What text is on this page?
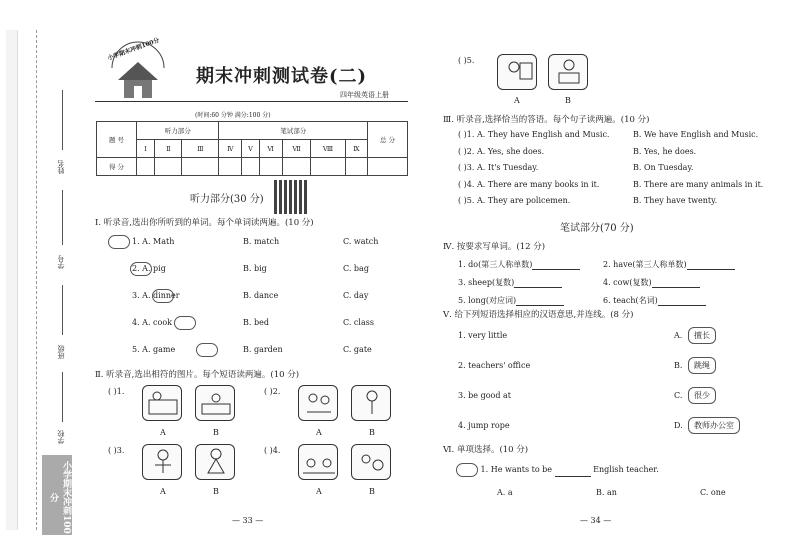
姓名
学号
班级
学校
小学期末冲刺100分
小学期末冲刺100分
期末冲刺测试卷(二)
四年级英语上册
(时间:60 分钟 满分:100 分)
题 号	听力部分			笔试部分						总 分
	Ⅰ	Ⅱ	Ⅲ	Ⅳ	Ⅴ	Ⅵ	Ⅶ	Ⅷ	Ⅸ	
得 分										
听力部分(30 分)
Ⅰ. 听录音,选出你所听到的单词。每个单词读两遍。(10 分)
1. A. Math	B. match	C. watch
2. A. pig	B. big	C. bag
3. A. dinner	B. dance	C. day
4. A. cook	B. bed	C. class
5. A. game	B. garden	C. gate
Ⅱ. 听录音,选出相符的图片。每个短语读两遍。(10 分)
( )1.
A	B
( )2.
A	B
( )3.
A	B
( )4.
A	B
— 33 —
( )5.
A	B
Ⅲ. 听录音,选择恰当的答语。每个句子读两遍。(10 分)
( )1. A. They have English and Music.	B. We have English and Music.
( )2. A. Yes, she does.	B. Yes, he does.
( )3. A. It's Tuesday.	B. On Tuesday.
( )4. A. There are many books in it.	B. There are many animals in it.
( )5. A. They are policemen.	B. They have twenty.
笔试部分(70 分)
Ⅳ. 按要求写单词。(12 分)
1. do(第三人称单数)	2. have(第三人称单数)
3. sheep(复数)	4. cow(复数)
5. long(对应词)	6. teach(名词)
Ⅴ. 给下列短语选择相应的汉语意思,并连线。(8 分)
1. very little	A.	擅长
2. teachers' office	B.	跳绳
3. be good at	C.	很少
4. jump rope	D.	教师办公室
Ⅵ. 单项选择。(10 分)
1. He wants to be	English teacher.
A. a	B. an	C. one
— 34 —
